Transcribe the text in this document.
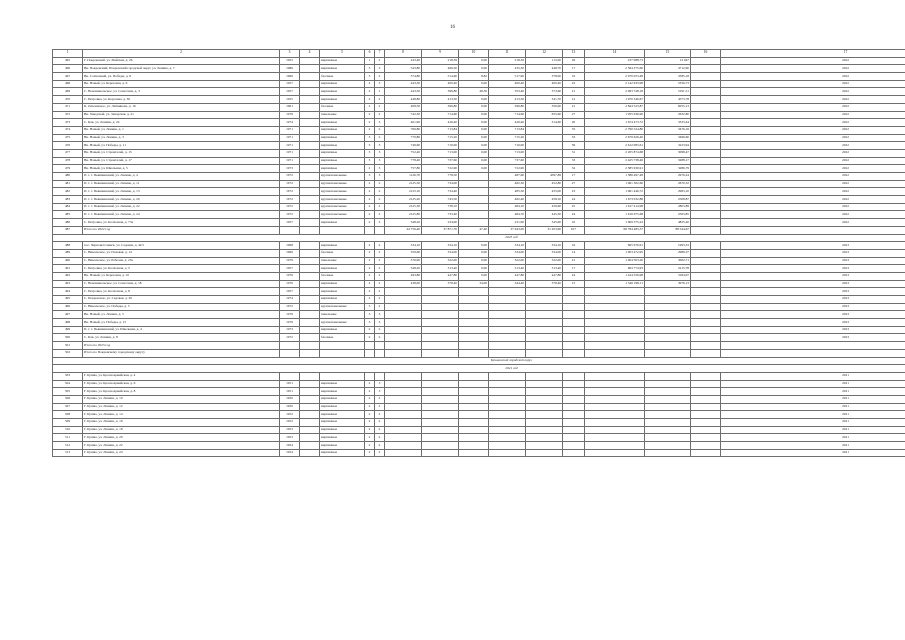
16
1	2	3	4	5	6	7	8	9	10	11	12	13	14	15	16	17
465	Г. Покровский, ул. Майская, д. 26	1955		кирпичные	1	2	243,40	218,39	0,00	218,39	113,00	26	237 088,73	13 047		2022
466	Вн. Покровский, Покровский городской округ, ул. Ленина, д. 7	1986		кирпичные	3	3	543,80	466,30	0,00	435,30	448,70	17	2 564 375,60	4712,90		2022
467	Вн. Солнечный, ул. Победы, д. 8	1966		блочные	3	2	574,80	514,60	8,82	517,90	378,00	19	2 070 053,48	3585,18		2022
468	Вн. Новый, ул. Береговая, д. 6	1957		кирпичные	2	3	443,30	400,40	0,00	400,40	400,40	22	2 142 633,98	5356,73		2022
469	С. Новоникольское, ул. Советская, д. 3	1957		кирпичные	2	1	443,50	396,80	48,30	353,40	373,60	21	2 093 748,18	5191,51		2022
470	С. Петровка, ул. Королева, д. 30	1955		кирпичные	2	2	448,80	413,50	0,00	413,50	341,70	12	1 970 346,67	4573,78		2022
471	К. Ольгинское, ул. Литвинова, д. 16	1961		блочные	2	2	408,50	396,80	0,00	396,80	350,00	21	2 844 523,87	6055,13		2022
472	Вн. Заводской, ул. Заводская, д. 21	1976		панельные	2	2	742,30	714,60	0,00	714,60	655,60	27	1 955 636,90	2632,80		2022
473	С. Клк, ул. Ленина, д. 24	1974		кирпичные	2	3	461,90	426,40	0,00	426,40	314,60	20	1 674 473,72	3333,44		2022
474	Вн. Новый, ул. Ленина, д. 1	1971		кирпичные	2	2	766,80	713,84	0,00	713,84		35	2 790 524,80	3476,16		2022
475	Вн. Новый, ул. Ленина, д. 3	1971		кирпичные	3	2	770,80	715,20	0,00	715,20		33	2 679 626,46	3496,60		2022
476	Вн. Новый, ул. Победы, д. 11	1971		кирпичные	3	3	749,60	710,00	0,00	710,00		39	2 612 083,61	3223,94		2022
477	Вн. Новый, ул. Строителей, д. 15	1971		кирпичные	3	3	752,40	713,00	0,00	713,00		31	2 205 874,68	3098,47		2022
478	Вн. Новый, ул. Строителей, д. 17	1971		кирпичные	3	3	778,40	737,60	0,00	737,60		33	2 425 738,46	3288,17		2022
479	Вн. Новый, ул. Школьная, д. 5	1973		кирпичные	2	3	757,80	722,90	0,00	722,90		32	2 385 930,91	3286,79		2022
480	П. г. т. Пышминский, ул. Ленина, д. 4	1972		крупнопанельные	3	3	1126,70	778,50		487,60	4597,89	17	1 586 497,48	2976,24		2022
481	П. г. т. Пышминский, ул. Ленина, д. 11	1972		крупнопанельные	2	2	2125,50	734,00		482,30	452,80	27	1 961 302,60	2670,32		2022
482	П. г. т. Пышминский, ул. Ленина, д. 13	1972		крупнопанельные	2	2	2123,10	734,40		485,50	455,00	23	1 961 446,72	2993,10		2022
483	П. г. т. Пышминский, ул. Ленина, д. 20	1972		крупнопанельные	2	2	2125,20	743,50		482,40	458,10	24	1 673 032,88	2508,87		2022
484	П. г. т. Пышминский, ул. Ленина, д. 22	1972		крупнопанельные	2	2	2125,30	738,10		484,10	459,60	25	1 617 414,98	2803,89		2022
485	П. г. т. Пышминский, ул. Ленина, д. 24	1972		крупнопанельные	2	2	2125,80	733,40		484,70	445,50	24	1 616 675,68	2563,85		2022
486	С. Петровка, ул. Колхозная, д. 73а	1957		кирпичные	2	3	348,20	234,00		231,90	345,90	10	1 609 375,24	4825,20		2022
487	Итого по 2022 год						44 756,40	37 871,70	47,40	37 643,00	31 203,90	617	68 784 485,37	88 544,67		
2023 год																
488	пос. Черноисточинск, ул. Садовая, д. 4а/5	1968		кирпичные	2	2	334,10	334,10	0,00	334,10	334,10	16	665 976,91	1993,33		2023
489	С. Никольское, ул. Полевая, д. 14	1966		блочные	2	2	359,60	334,00	0,00	334,00	334,00	14	1 003 472,95	2989,37		2023
490	С. Никольское, ул. Рабочая, д. 25а	1979		панельные	2	2	376,90	322,00	0,00	322,00	322,00	21	1 004 503,20	3062,71		2023
491	С. Петровка, ул. Колхозная, д. 5	1957		кирпичные	2	2	348,20	313,40	0,00	313,40	313,40	17	693 774,93	2215,78		2023
492	Вн. Новый, ул. Береговая, д. 10	1976		блочные	2	2	493,80	447,80	0,00	447,80	447,80	24	1 424 556,98	3184,97		2023
493	С. Новоникольское, ул. Советская, д. 18	1970		кирпичные	2	2	438,00	378,40	34,00	344,40	378,40	15	1 546 198,11	3976,13		2023
494	С. Петровка, ул. Колхозная, д. 8	1957		кирпичные	2	2										2023
495	С. Покровское, ул. Садовая, д. 20	1974		кирпичные	2	2										2023
496	С. Никольское, ул. Победы, д. 5	1972		крупнопанельные	5	2										2023
497	Вн. Новый, ул. Ленина, д. 5	1976		панельные	3	3										2023
498	Вн. Новый, ул. Победы, д. 15	1976		крупнопанельные	3	3										2023
499	П. г. т. Пышминский, ул. Школьная, д. 4	1973		кирпичные	2	2										2023
500	С. Клк, ул. Ленина, д. 8	1972		блочные	2	2										2023
501	Итого по 2023 год															
502	Итого по Покровскому городскому округу															
Кушвинский городской округ																
2021 год																
503	Г. Кушва, ул. Красноармейская, д. 4															2021
504	Г. Кушва, ул. Красноармейская, д. 6	1951		кирпичные	2	3										2021
505	Г. Кушва, ул. Красноармейская, д. 8	1951		кирпичные	2	3										2021
506	Г. Кушва, ул. Ленина, д. 10	1950		кирпичные	2	2										2021
507	Г. Кушва, ул. Ленина, д. 12	1950		кирпичные	2	2										2021
508	Г. Кушва, ул. Ленина, д. 14	1952		кирпичные	2	2										2021
509	Г. Кушва, ул. Ленина, д. 16	1952		кирпичные	2	2										2021
510	Г. Кушва, ул. Ленина, д. 18	1953		кирпичные	2	2										2021
511	Г. Кушва, ул. Ленина, д. 20	1953		кирпичные	2	2										2021
512	Г. Кушва, ул. Ленина, д. 22	1954		кирпичные	2	2										2021
513	Г. Кушва, ул. Ленина, д. 24	1954		кирпичные	2	2										2021
